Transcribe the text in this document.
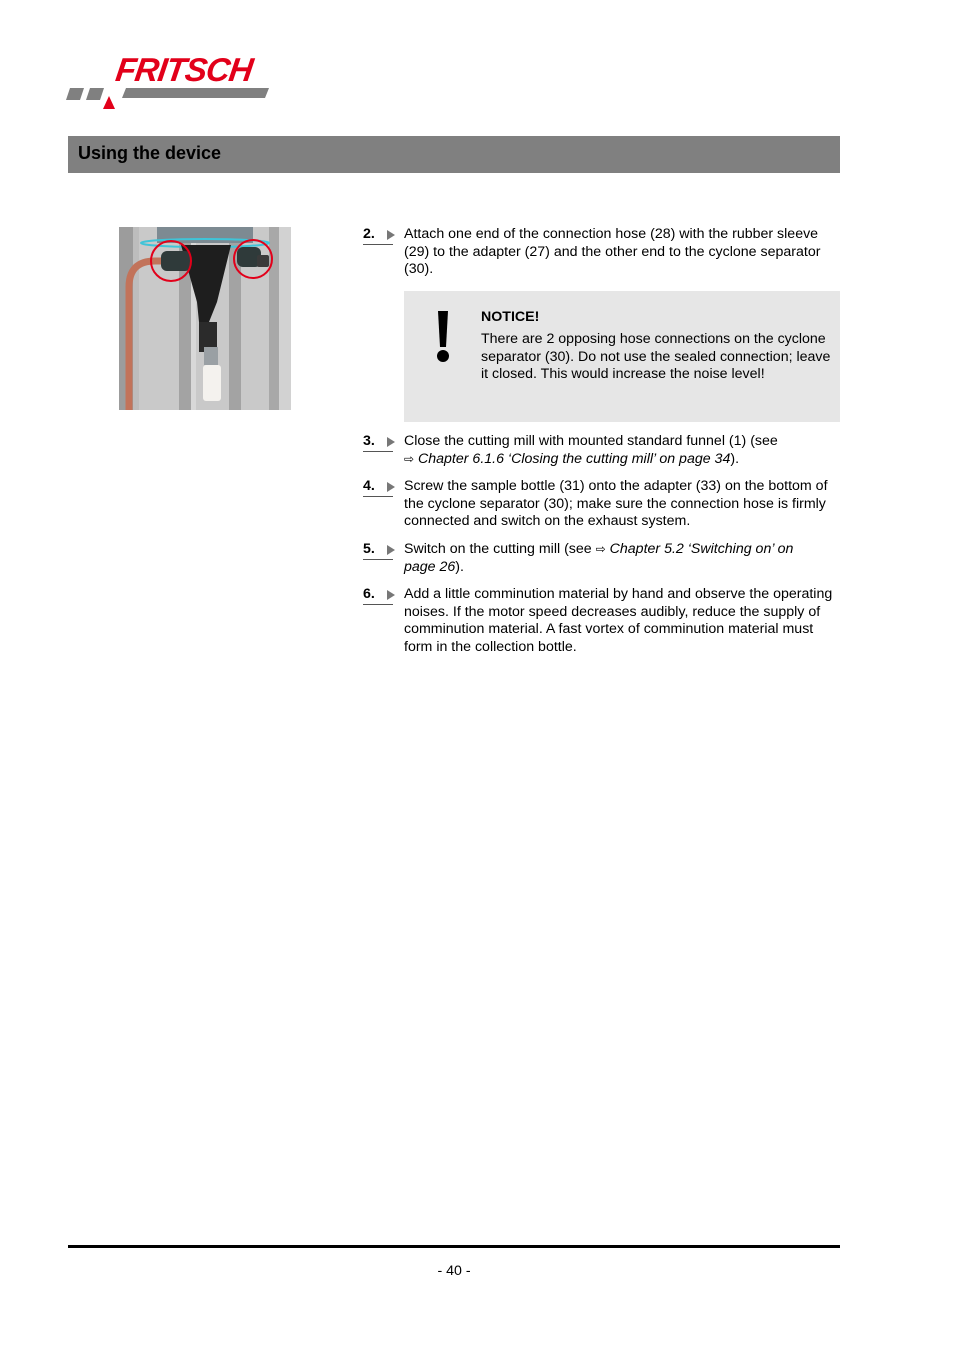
FRITSCH
Using the device
2.	Attach one end of the connection hose (28) with the rubber sleeve (29) to the adapter (27) and the other end to the cyclone separator (30).
NOTICE!
There are 2 opposing hose connections on the cyclone separator (30). Do not use the sealed connection; leave it closed. This would increase the noise level!
3.	Close the cutting mill with mounted standard funnel (1) (see
⇨ Chapter 6.1.6 ‘Closing the cutting mill’ on page 34).
4.	Screw the sample bottle (31) onto the adapter (33) on the bottom of the cyclone separator (30); make sure the connection hose is firmly connected and switch on the exhaust system.
5.	Switch on the cutting mill (see ⇨ Chapter 5.2 ‘Switching on’ on page 26).
6.	Add a little comminution material by hand and observe the operating noises. If the motor speed decreases audibly, reduce the supply of comminution material. A fast vortex of comminution material must form in the collection bottle.
- 40 -
